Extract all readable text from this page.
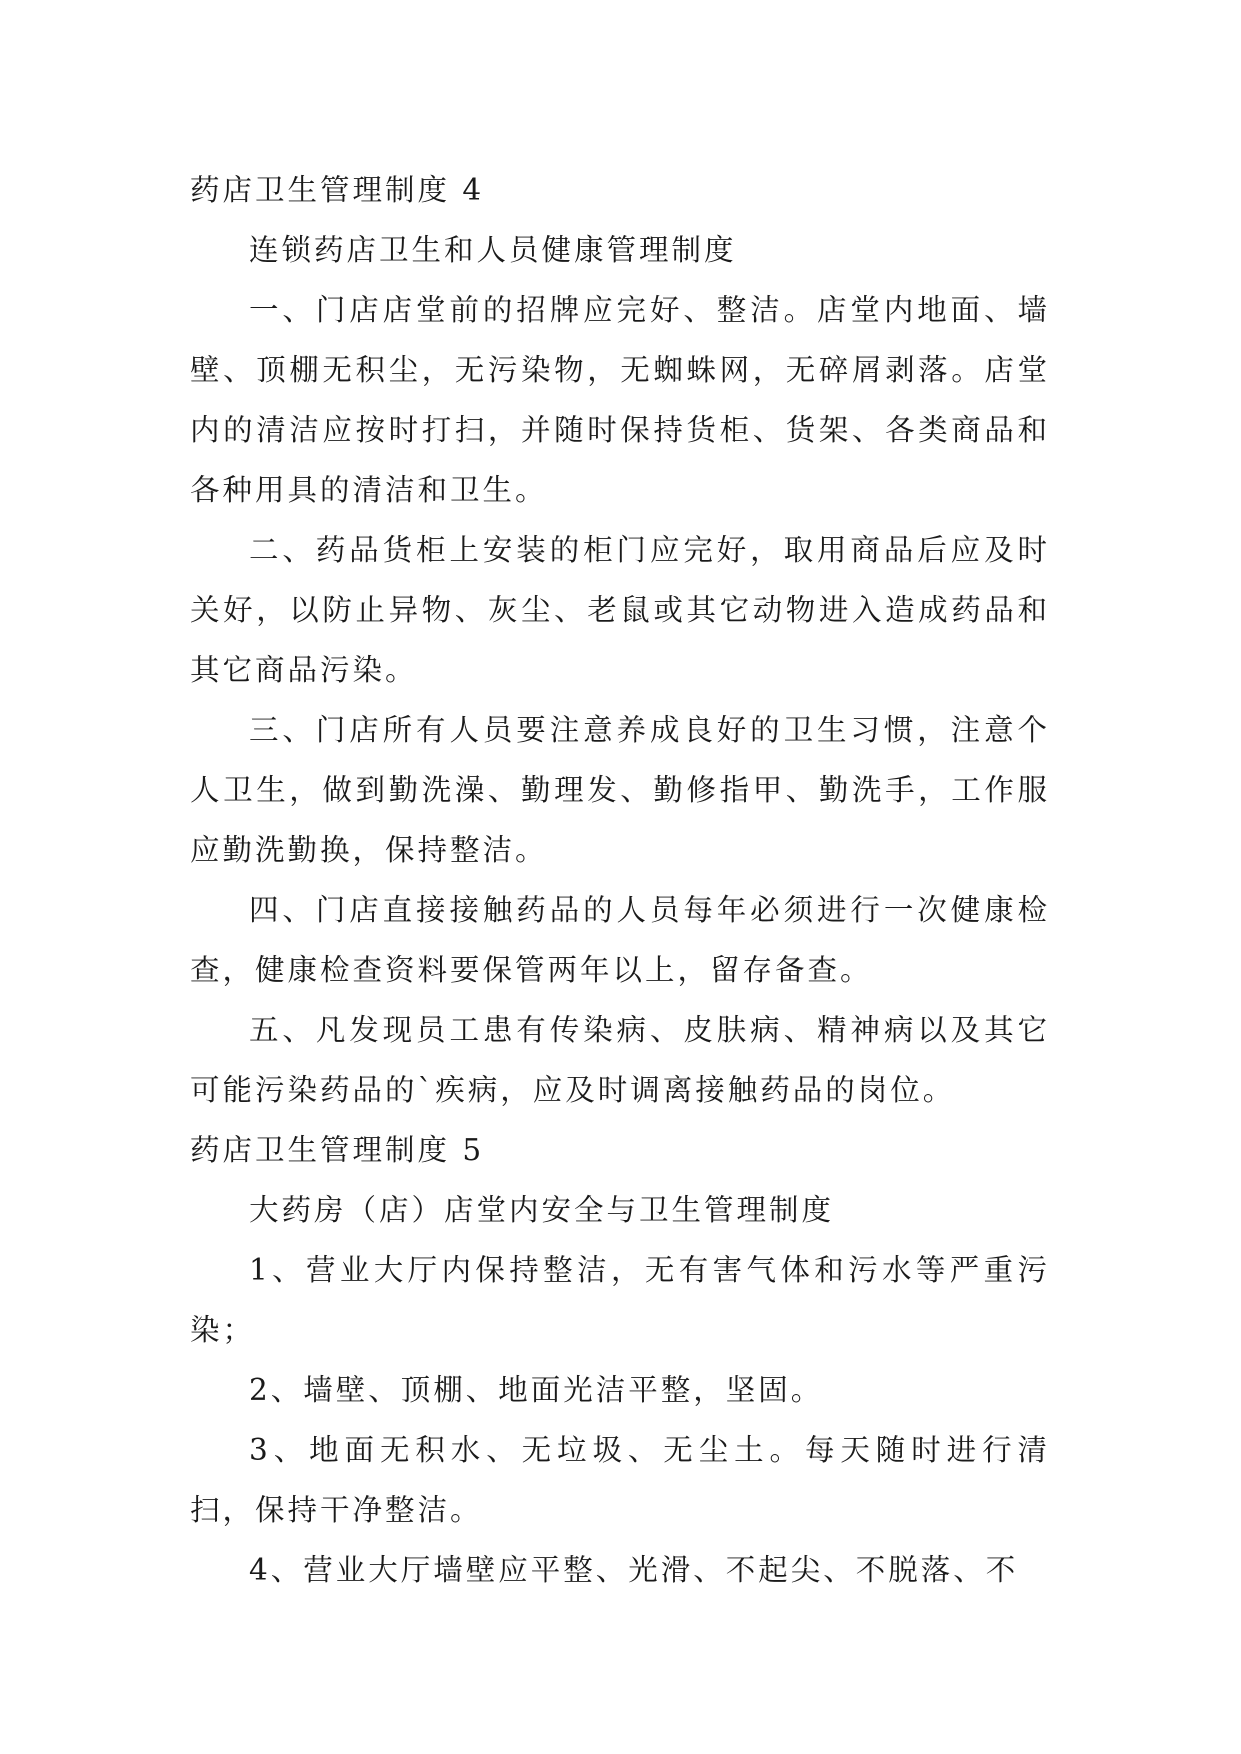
药店卫生管理制度 4

连锁药店卫生和人员健康管理制度

一、门店店堂前的招牌应完好、整洁。店堂内地面、墙壁、顶棚无积尘，无污染物，无蜘蛛网，无碎屑剥落。店堂内的清洁应按时打扫，并随时保持货柜、货架、各类商品和各种用具的清洁和卫生。

二、药品货柜上安装的柜门应完好，取用商品后应及时关好，以防止异物、灰尘、老鼠或其它动物进入造成药品和其它商品污染。

三、门店所有人员要注意养成良好的卫生习惯，注意个人卫生，做到勤洗澡、勤理发、勤修指甲、勤洗手，工作服应勤洗勤换，保持整洁。

四、门店直接接触药品的人员每年必须进行一次健康检查，健康检查资料要保管两年以上，留存备查。

五、凡发现员工患有传染病、皮肤病、精神病以及其它可能污染药品的`疾病，应及时调离接触药品的岗位。

药店卫生管理制度 5

大药房（店）店堂内安全与卫生管理制度

1、营业大厅内保持整洁，无有害气体和污水等严重污染；

2、墙壁、顶棚、地面光洁平整，坚固。

3、地面无积水、无垃圾、无尘土。每天随时进行清扫，保持干净整洁。

4、营业大厅墙壁应平整、光滑、不起尖、不脱落、不
